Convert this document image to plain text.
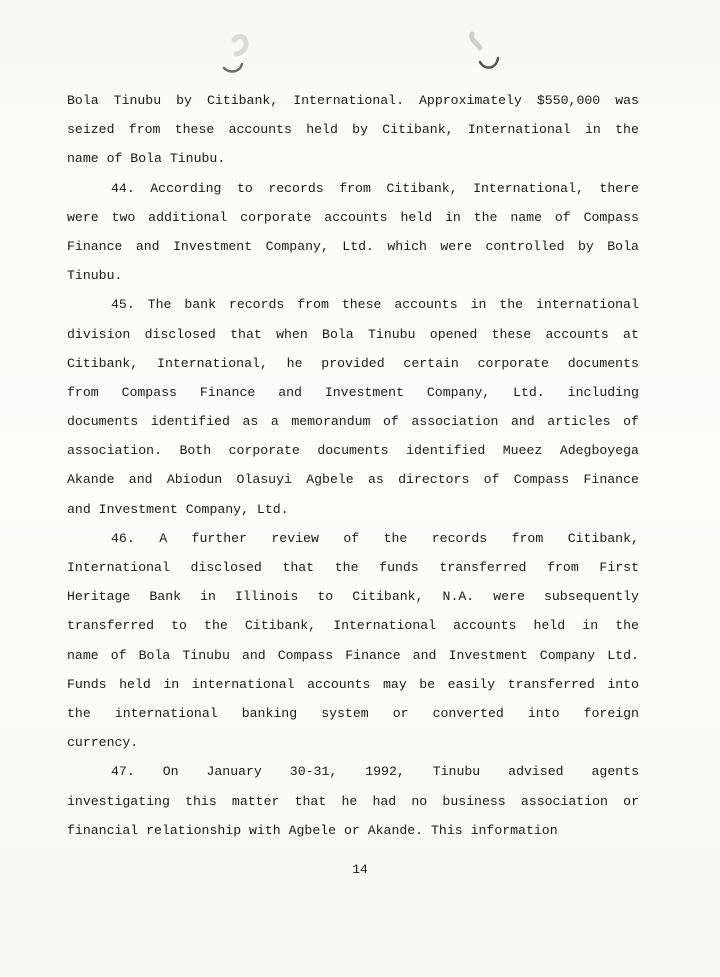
Bola Tinubu by Citibank, International. Approximately $550,000 was
seized from these accounts held by Citibank, International in the
name of Bola Tinubu.
44. According to records from Citibank, International, there
were two additional corporate accounts held in the name of Compass
Finance and Investment Company, Ltd. which were controlled by Bola
Tinubu.
45. The bank records from these accounts in the international
division disclosed that when Bola Tinubu opened these accounts at
Citibank, International, he provided certain corporate documents
from Compass Finance and Investment Company, Ltd. including
documents identified as a memorandum of association and articles of
association. Both corporate documents identified Mueez Adegboyega
Akande and Abiodun Olasuyi Agbele as directors of Compass Finance
and Investment Company, Ltd.
46. A further review of the records from Citibank,
International disclosed that the funds transferred from First
Heritage Bank in Illinois to Citibank, N.A. were subsequently
transferred to the Citibank, International accounts held in the
name of Bola Tinubu and Compass Finance and Investment Company Ltd.
Funds held in international accounts may be easily transferred into
the international banking system or converted into foreign
currency.
47. On January 30-31, 1992, Tinubu advised agents
investigating this matter that he had no business association or
financial relationship with Agbele or Akande. This information
14
